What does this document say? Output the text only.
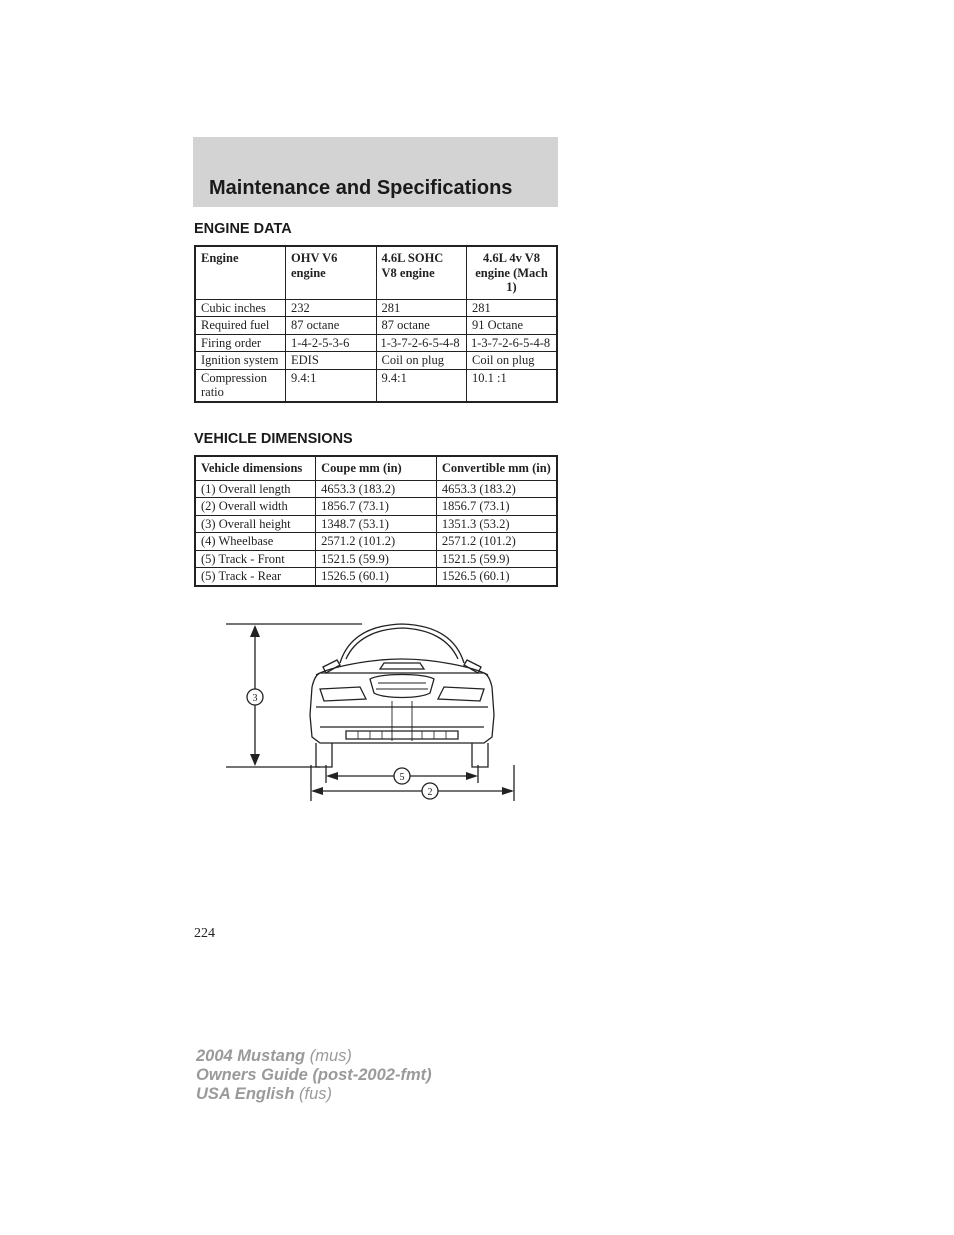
Maintenance and Specifications
ENGINE DATA
Engine	OHV V6 engine	4.6L SOHC V8 engine	4.6L 4v V8 engine (Mach 1)
Cubic inches	232	281	281
Required fuel	87 octane	87 octane	91 Octane
Firing order	1-4-2-5-3-6	1-3-7-2-6-5-4-8	1-3-7-2-6-5-4-8
Ignition system	EDIS	Coil on plug	Coil on plug
Compression ratio	9.4:1	9.4:1	10.1 :1
VEHICLE DIMENSIONS
Vehicle dimensions	Coupe mm (in)	Convertible mm (in)
(1) Overall length	4653.3 (183.2)	4653.3 (183.2)
(2) Overall width	1856.7 (73.1)	1856.7 (73.1)
(3) Overall height	1348.7 (53.1)	1351.3 (53.2)
(4) Wheelbase	2571.2 (101.2)	2571.2 (101.2)
(5) Track - Front	1521.5 (59.9)	1521.5 (59.9)
(5) Track - Rear	1526.5 (60.1)	1526.5 (60.1)
3
5
2
224
2004 Mustang (mus)
Owners Guide (post-2002-fmt)
USA English (fus)
